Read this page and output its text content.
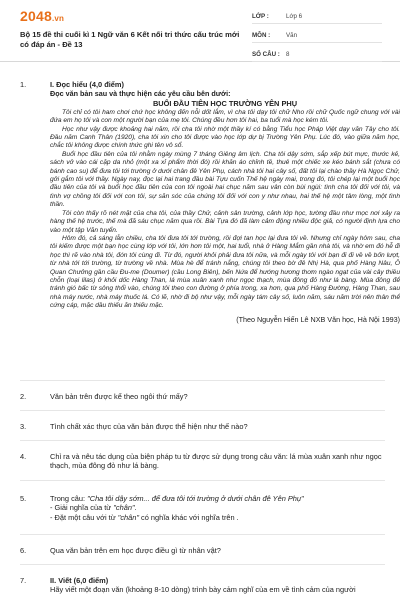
2048.vn
Bộ 15 đề thi cuối kì 1 Ngữ văn 6 Kết nối tri thức cấu trúc mới có đáp án - Đề 13
LỚP :	Lớp 6
MÔN :	Văn
SỐ CÂU : 8
1.	I. Đọc hiểu (4,0 điểm)
Đọc văn bản sau và thực hiện các yêu cầu bên dưới:
BUỔI ĐẦU TIÊN HỌC TRƯỜNG YÊN PHỤ

Tôi chỉ có tôi ham chơi chứ học không đến nỗi dốt lắm, vì cha tôi dạy tôi chữ Nho rồi chữ Quốc ngữ chung với vài đứa em họ tôi và con một người bạn của mẹ tôi. Chúng đều hơn tôi hai, ba tuổi mà học kém tôi.

Học như vậy được khoảng hai năm, rồi cha tôi nhờ một thầy kí có bằng Tiểu học Pháp Việt dạy văn Tây cho tôi. Đầu năm Canh Thân (1920), cha tôi xin cho tôi được vào học lớp dự bị Trường Yên Phụ. Lúc đó, vào giữa năm học, chắc tôi không được chính thức ghi tên vô sổ.

Buổi học đầu tiên của tôi nhằm ngày mùng 7 tháng Giêng âm lịch. Cha tôi dậy sớm, sắp xếp bút mực, thước kẻ, sách vở vào cái cặp da nhỏ (một xa xỉ phẩm thời đó) rồi khăn áo chỉnh tề, thuê một chiếc xe kéo bánh sắt (chưa có bánh cao su) để đưa tôi tới trường ở dưới chân đê Yên Phụ, cách nhà tôi hai cây số, đất tôi lại chào thầy Hà Ngọc Chử, gởi gắm tôi với thầy. Ngày nay, đọc lại hai trang đầu bài Tựu cuốn Thế hệ ngày mai, trong đó, tôi chép lại một buổi học đầu tiên của tôi và buổi học đầu tiên của con tôi ngoài hai chục năm sau vân còn bùi ngùi: tình cha tôi đối với tôi, và tình vợ chồng tôi đối với con tôi, sự săn sóc của chúng tôi đối với con y như nhau, hai thế hệ một tâm lòng, một tình thần.

Tôi còn thấy rõ nét mặt của cha tôi, của thầy Chử, cảnh sân trường, cảnh lớp học, tường đầu như mọc nơi xảy ra hàng thế hệ trước, thế mà đã sáu chục năm qua rồi. Bài Tựa đó đã làm cảm động nhiều độc giả, có người định lựa cho vào một tập Văn tuyển.

Hôm đó, cả sáng lẫn chiều, cha tôi đưa tôi tới trường, rồi đợi tan học lại đưa tôi về. Nhưng chỉ ngày hôm sau, cha tôi kiếm được một bạn học cùng lớp với tôi, lớn hơn tôi một, hai tuổi, nhà ở Hàng Mắm gần nhà tôi, và nhờ em đó hễ đi học thì rẽ vào nhà tôi, đón tôi cùng đi. Từ đó, người khỏi phải đưa tôi nữa, và mỗi ngày tôi với bạn đi đi về về bốn lượt, từ nhà tới tới trường, từ trường về nhà. Mùa hè để tránh nắng, chúng tôi theo bờ đê Nhị Hà, qua phố Hàng Nâu, Ô Quan Chưởng gần cầu Đu-me (Doumer) (cầu Long Biên), bến Nứa để hướng hương thơm ngào ngạt của vài cây thiều chỗn (loại lilas) ở khỏi dốc Hàng Than, lá mùa xuân xanh như ngọc thạch, mùa đông đỏ như lá bàng. Mùa đông để tránh gió bấc từ sông thổi vào, chúng tôi theo con đường ở phía trong, xa hơn, qua phố Hàng Đường, Hàng Than, sau nhà máy nước, nhà máy thuốc lá. Có lẽ, nhờ đi bộ như vậy, mỗi ngày tám cây số, luôn năm, sáu năm trời nên thân thể cứng cáp, mặc dầu thiếu ăn thiếu mặc.

(Theo Nguyễn Hiến Lê NXB Văn học, Hà Nội 1993)
2.	Văn bản trên được kể theo ngôi thứ mấy?
3.	Tình chất xác thực của văn bản được thể hiện như thế nào?
4.	Chỉ ra và nêu tác dụng của biện pháp tu từ được sử dụng trong câu văn: lá mùa xuân xanh như ngọc thạch, mùa đông đỏ như lá bàng.
5.	Trong câu: "Cha tôi dậy sớm... để đưa tôi tới trường ở dưới chân đê Yên Phụ"
- Giải nghĩa của từ "chân".
- Đặt một câu với từ "chân" có nghĩa khác với nghĩa trên .
6.	Qua văn bản trên em học được điều gì từ nhân vật?
7.	II. Viết (6,0 điểm)
Hãy viết một đoạn văn (khoảng 8-10 dòng) trình bày cảm nghĩ của em về tình cảm của người
